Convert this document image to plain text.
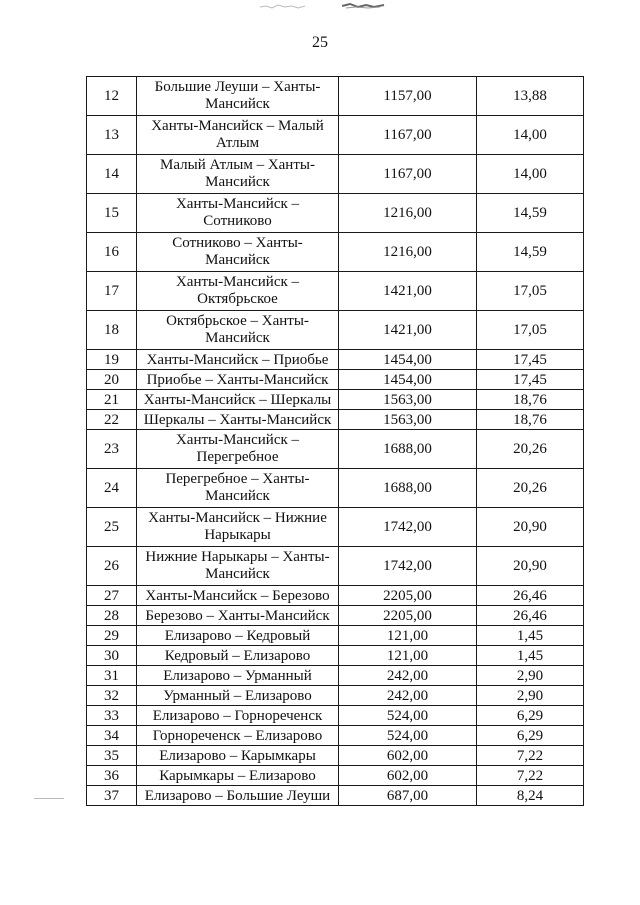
25
12	Большие Леуши – Ханты-Мансийск	1157,00	13,88
13	Ханты-Мансийск – Малый Атлым	1167,00	14,00
14	Малый Атлым – Ханты-Мансийск	1167,00	14,00
15	Ханты-Мансийск – Сотниково	1216,00	14,59
16	Сотниково – Ханты-Мансийск	1216,00	14,59
17	Ханты-Мансийск – Октябрьское	1421,00	17,05
18	Октябрьское – Ханты-Мансийск	1421,00	17,05
19	Ханты-Мансийск – Приобье	1454,00	17,45
20	Приобье – Ханты-Мансийск	1454,00	17,45
21	Ханты-Мансийск – Шеркалы	1563,00	18,76
22	Шеркалы – Ханты-Мансийск	1563,00	18,76
23	Ханты-Мансийск – Перегребное	1688,00	20,26
24	Перегребное – Ханты-Мансийск	1688,00	20,26
25	Ханты-Мансийск – Нижние Нарыкары	1742,00	20,90
26	Нижние Нарыкары – Ханты-Мансийск	1742,00	20,90
27	Ханты-Мансийск – Березово	2205,00	26,46
28	Березово – Ханты-Мансийск	2205,00	26,46
29	Елизарово – Кедровый	121,00	1,45
30	Кедровый – Елизарово	121,00	1,45
31	Елизарово – Урманный	242,00	2,90
32	Урманный – Елизарово	242,00	2,90
33	Елизарово – Горнореченск	524,00	6,29
34	Горнореченск – Елизарово	524,00	6,29
35	Елизарово – Карымкары	602,00	7,22
36	Карымкары – Елизарово	602,00	7,22
37	Елизарово – Большие Леуши	687,00	8,24
